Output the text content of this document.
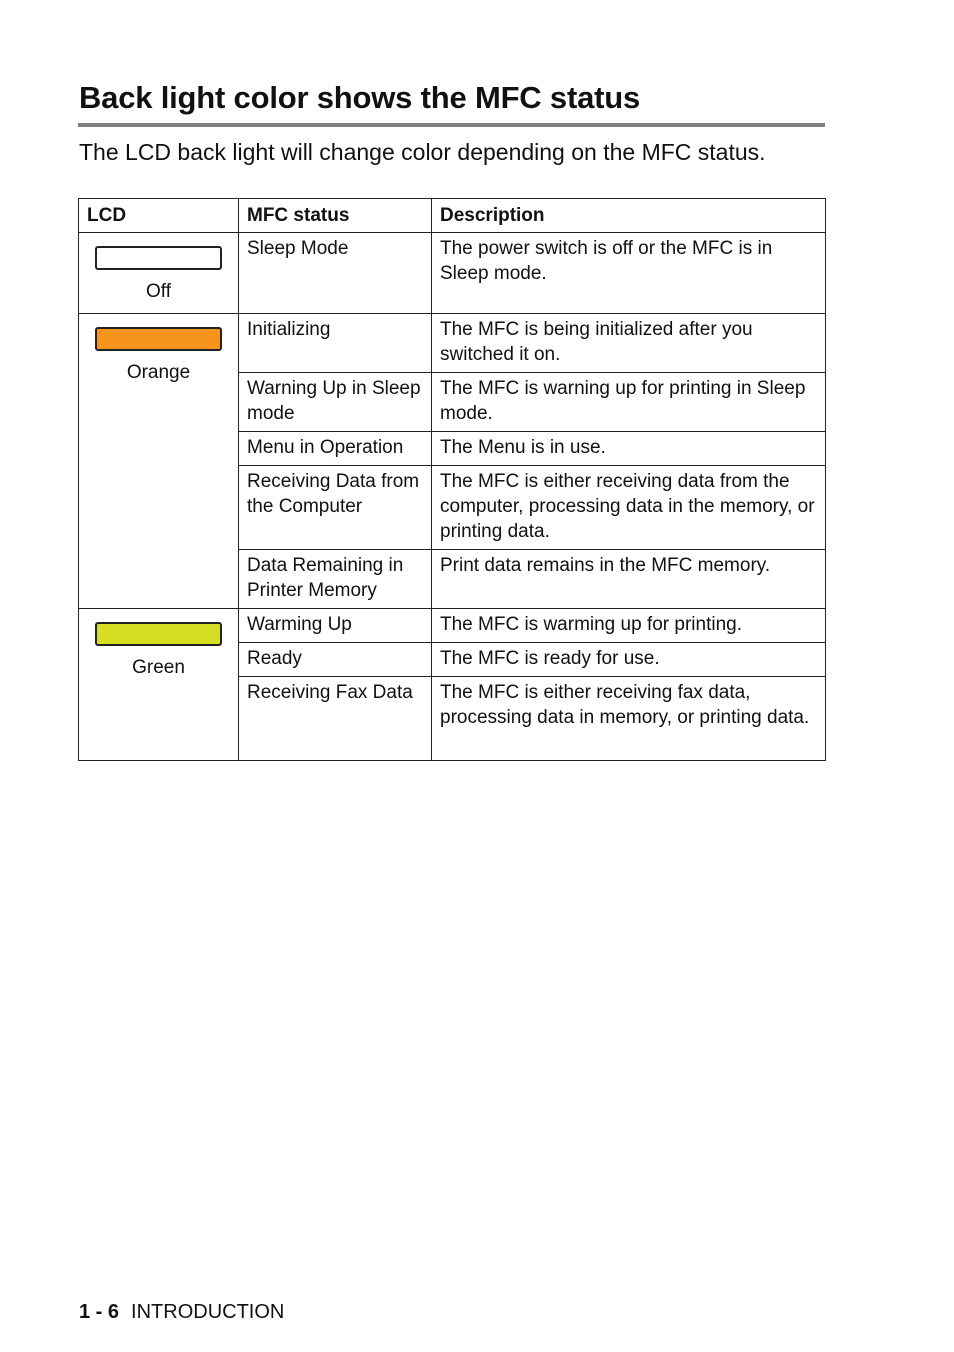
Back light color shows the MFC status

The LCD back light will change color depending on the MFC status.

LCD	MFC status	Description

Off	Sleep Mode	The power switch is off or the MFC is in Sleep mode.

Orange	Initializing	The MFC is being initialized after you switched it on.
	Warning Up in Sleep mode	The MFC is warning up for printing in Sleep mode.
	Menu in Operation	The Menu is in use.
	Receiving Data from the Computer	The MFC is either receiving data from the computer, processing data in the memory, or printing data.
	Data Remaining in Printer Memory	Print data remains in the MFC memory.

Green	Warming Up	The MFC is warming up for printing.
	Ready	The MFC is ready for use.
	Receiving Fax Data	The MFC is either receiving fax data, processing data in memory, or printing data.
1 - 6 INTRODUCTION
